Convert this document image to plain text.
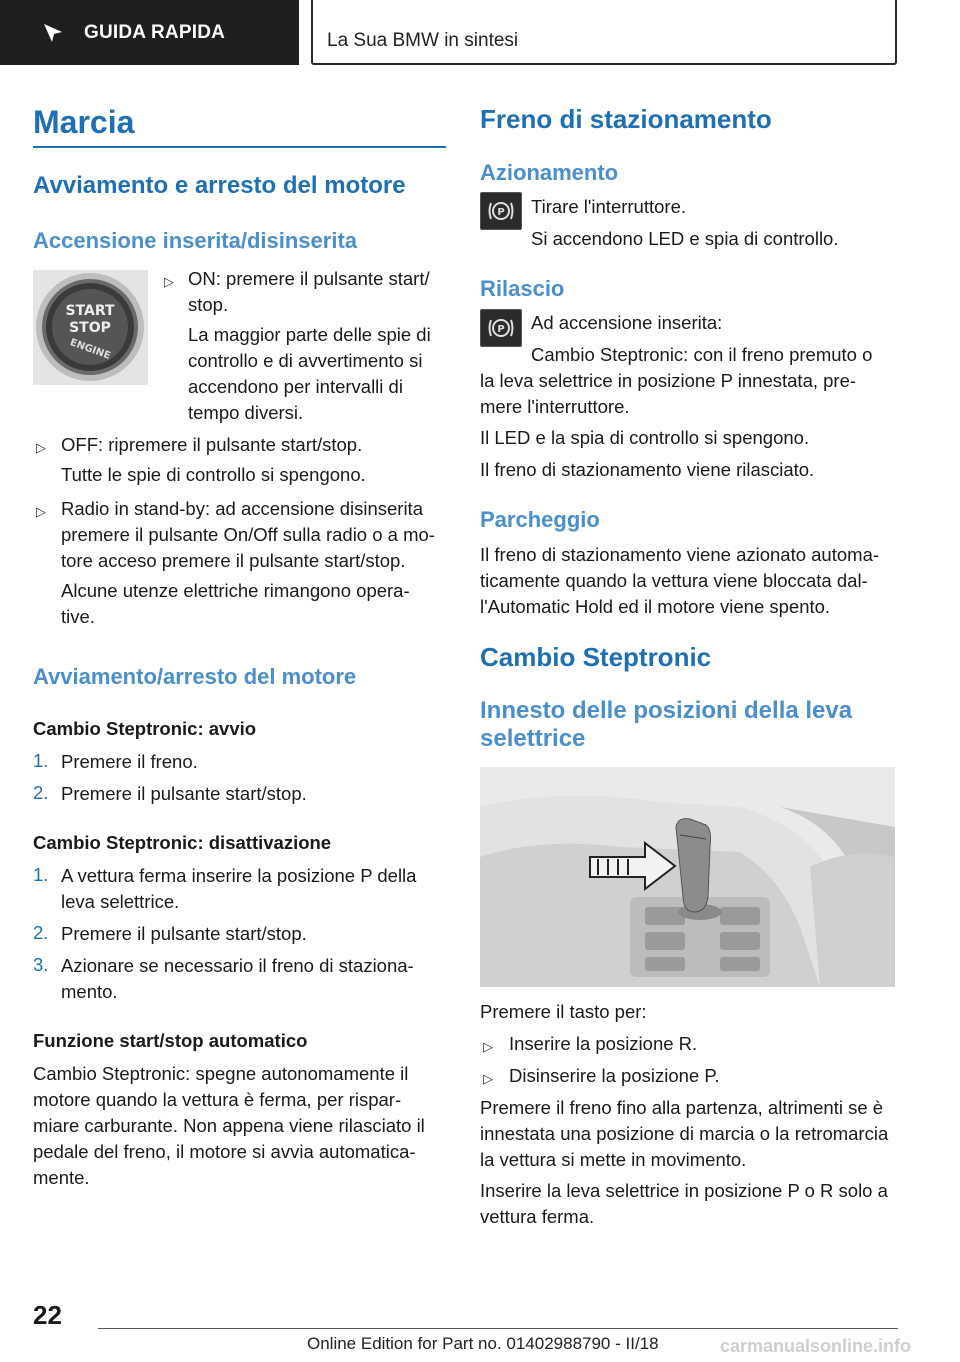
GUIDA RAPIDA	La Sua BMW in sintesi
Marcia
Avviamento e arresto del motore
Accensione inserita/disinserita
START
STOP
ENGINE
▷ ON: premere il pulsante start/
stop.
La maggior parte delle spie di
controllo e di avvertimento si
accendono per intervalli di
tempo diversi.
▷ OFF: ripremere il pulsante start/stop.
Tutte le spie di controllo si spengono.
▷ Radio in stand-by: ad accensione disinserita
premere il pulsante On/Off sulla radio o a mo-
tore acceso premere il pulsante start/stop.
Alcune utenze elettriche rimangono opera-
tive.
Avviamento/arresto del motore
Cambio Steptronic: avvio
1. Premere il freno.
2. Premere il pulsante start/stop.
Cambio Steptronic: disattivazione
1. A vettura ferma inserire la posizione P della
leva selettrice.
2. Premere il pulsante start/stop.
3. Azionare se necessario il freno di staziona-
mento.
Funzione start/stop automatico
Cambio Steptronic: spegne autonomamente il
motore quando la vettura è ferma, per rispar-
miare carburante. Non appena viene rilasciato il
pedale del freno, il motore si avvia automatica-
mente.
Freno di stazionamento
Azionamento
P Tirare l'interruttore.
Si accendono LED e spia di controllo.
Rilascio
P Ad accensione inserita:
Cambio Steptronic: con il freno premuto o
la leva selettrice in posizione P innestata, pre-
mere l'interruttore.
Il LED e la spia di controllo si spengono.
Il freno di stazionamento viene rilasciato.
Parcheggio
Il freno di stazionamento viene azionato automa-
ticamente quando la vettura viene bloccata dal-
l'Automatic Hold ed il motore viene spento.
Cambio Steptronic
Innesto delle posizioni della leva
selettrice
Premere il tasto per:
▷ Inserire la posizione R.
▷ Disinserire la posizione P.
Premere il freno fino alla partenza, altrimenti se è
innestata una posizione di marcia o la retromarcia
la vettura si mette in movimento.
Inserire la leva selettrice in posizione P o R solo a
vettura ferma.
22
Online Edition for Part no. 01402988790 - II/18	carmanualsonline.info
